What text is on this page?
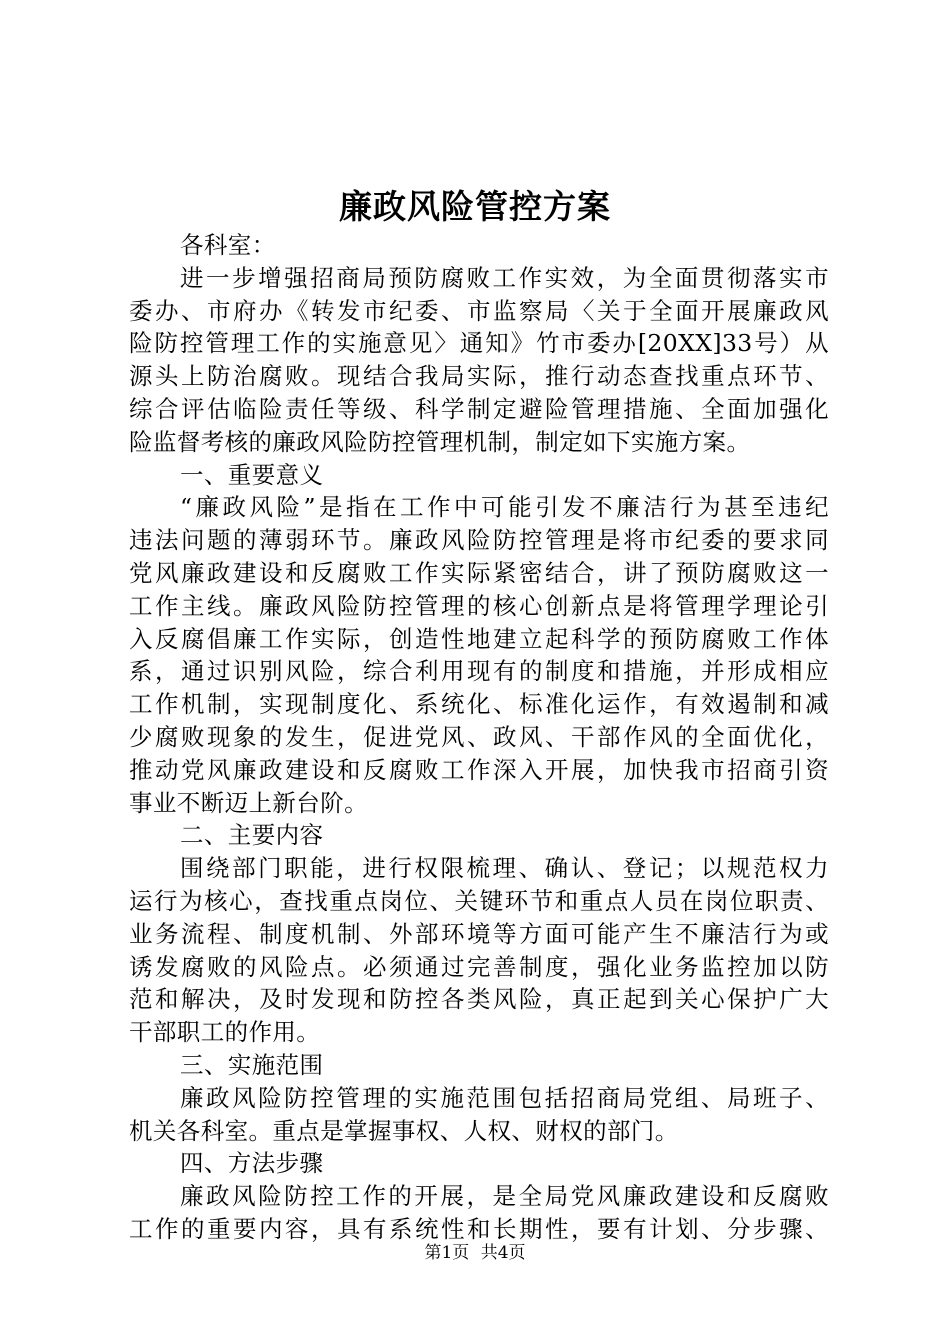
廉政风险管控方案
各科室：
进一步增强招商局预防腐败工作实效，为全面贯彻落实市
委办、市府办《转发市纪委、市监察局〈关于全面开展廉政风
险防控管理工作的实施意见〉通知》竹市委办[20XX]33号）从
源头上防治腐败。现结合我局实际，推行动态查找重点环节、
综合评估临险责任等级、科学制定避险管理措施、全面加强化
险监督考核的廉政风险防控管理机制，制定如下实施方案。
一、重要意义
“廉政风险”是指在工作中可能引发不廉洁行为甚至违纪
违法问题的薄弱环节。廉政风险防控管理是将市纪委的要求同
党风廉政建设和反腐败工作实际紧密结合，讲了预防腐败这一
工作主线。廉政风险防控管理的核心创新点是将管理学理论引
入反腐倡廉工作实际，创造性地建立起科学的预防腐败工作体
系，通过识别风险，综合利用现有的制度和措施，并形成相应
工作机制，实现制度化、系统化、标准化运作，有效遏制和减
少腐败现象的发生，促进党风、政风、干部作风的全面优化，
推动党风廉政建设和反腐败工作深入开展，加快我市招商引资
事业不断迈上新台阶。
二、主要内容
围绕部门职能，进行权限梳理、确认、登记；以规范权力
运行为核心，查找重点岗位、关键环节和重点人员在岗位职责、
业务流程、制度机制、外部环境等方面可能产生不廉洁行为或
诱发腐败的风险点。必须通过完善制度，强化业务监控加以防
范和解决，及时发现和防控各类风险，真正起到关心保护广大
干部职工的作用。
三、实施范围
廉政风险防控管理的实施范围包括招商局党组、局班子、
机关各科室。重点是掌握事权、人权、财权的部门。
四、方法步骤
廉政风险防控工作的开展，是全局党风廉政建设和反腐败
工作的重要内容，具有系统性和长期性，要有计划、分步骤、
第1页 共4页
